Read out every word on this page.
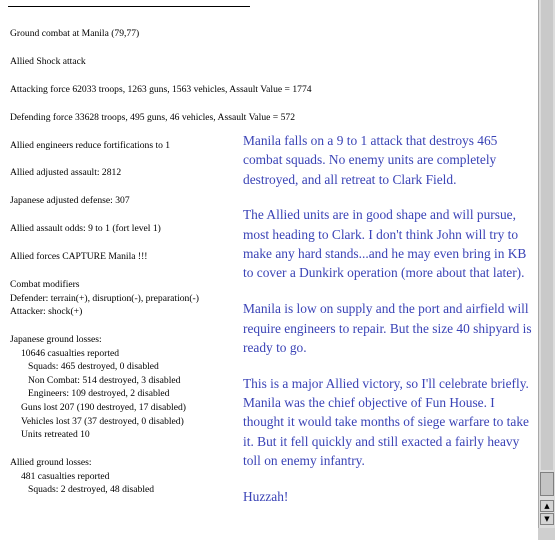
Ground combat at Manila (79,77)
Allied Shock attack
Attacking force 62033 troops, 1263 guns, 1563 vehicles, Assault Value = 1774
Defending force 33628 troops, 495 guns, 46 vehicles, Assault Value = 572
Allied engineers reduce fortifications to 1
Allied adjusted assault: 2812
Japanese adjusted defense: 307
Allied assault odds: 9 to 1 (fort level 1)
Allied forces CAPTURE Manila !!!
Combat modifiers
Defender: terrain(+), disruption(-), preparation(-)
Attacker: shock(+)
Japanese ground losses:
10646 casualties reported
Squads: 465 destroyed, 0 disabled
Non Combat: 514 destroyed, 3 disabled
Engineers: 109 destroyed, 2 disabled
Guns lost 207 (190 destroyed, 17 disabled)
Vehicles lost 37 (37 destroyed, 0 disabled)
Units retreated 10
Allied ground losses:
481 casualties reported
Squads: 2 destroyed, 48 disabled

Manila falls on a 9 to 1 attack that destroys 465 combat squads. No enemy units are completely destroyed, and all retreat to Clark Field.

The Allied units are in good shape and will pursue, most heading to Clark. I don't think John will try to make any hard stands...and he may even bring in KB to cover a Dunkirk operation (more about that later).

Manila is low on supply and the port and airfield will require engineers to repair. But the size 40 shipyard is ready to go.

This is a major Allied victory, so I'll celebrate briefly. Manila was the chief objective of Fun House. I thought it would take months of siege warfare to take it. But it fell quickly and still exacted a fairly heavy toll on enemy infantry.

Huzzah!

▲
▼
